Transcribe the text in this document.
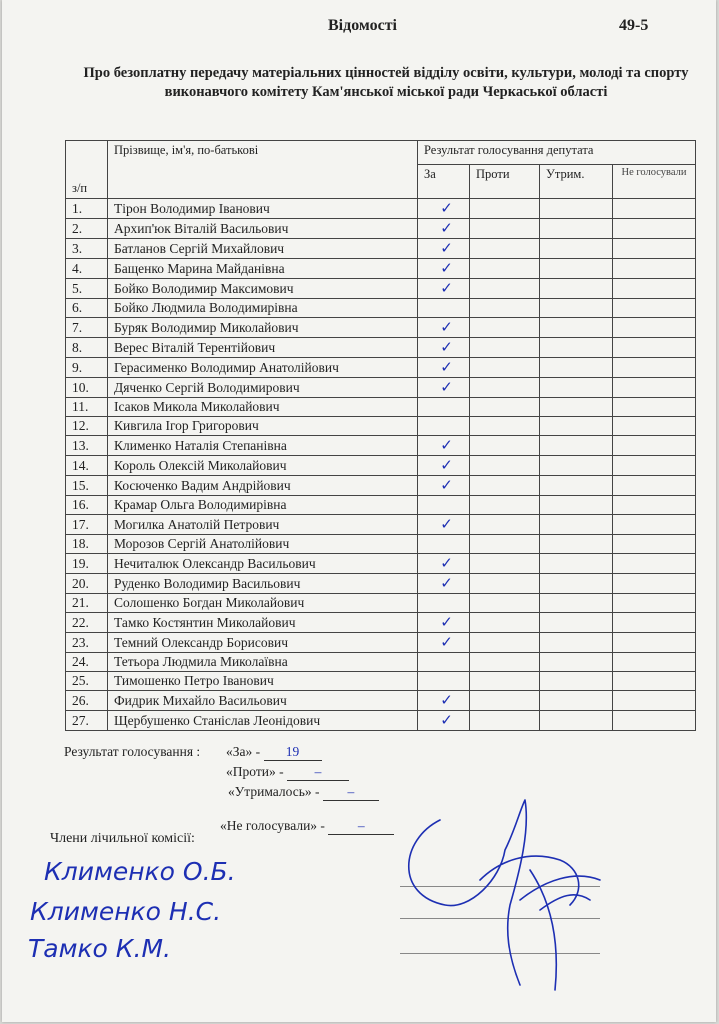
Відомості	49-5
Про безоплатну передачу матеріальних цінностей відділу освіти, культури, молоді та спорту виконавчого комітету Кам'янської міської ради Черкаської області
з/п	Прізвище, ім'я, по-батькові	Результат голосування депутата			
		За	Проти	Утрим.	Не голосували

1.	Тірон Володимир Іванович	✓			
2.	Архип'юк Віталій Васильович	✓			
3.	Батланов Сергій Михайлович	✓			
4.	Бащенко Марина Майданівна	✓			
5.	Бойко Володимир Максимович	✓			
6.	Бойко Людмила Володимирівна				
7.	Буряк Володимир Миколайович	✓			
8.	Верес Віталій Терентійович	✓			
9.	Герасименко Володимир Анатолійович	✓			
10.	Дяченко Сергій Володимирович	✓			
11.	Ісаков Микола Миколайович				
12.	Кивгила Ігор Григорович				
13.	Клименко Наталія Степанівна	✓			
14.	Король Олексій Миколайович	✓			
15.	Косюченко Вадим Андрійович	✓			
16.	Крамар Ольга Володимирівна				
17.	Могилка Анатолій Петрович	✓			
18.	Морозов Сергій Анатолійович				
19.	Нечиталюк Олександр Васильович	✓			
20.	Руденко Володимир Васильович	✓			
21.	Солошенко Богдан Миколайович				
22.	Тамко Костянтин Миколайович	✓			
23.	Темний Олександр Борисович	✓			
24.	Тетьора Людмила Миколаївна				
25.	Тимошенко Петро Іванович				
26.	Фидрик Михайло Васильович	✓			
27.	Щербушенко Станіслав Леонідович	✓			
Результат голосування : «За» - 19
«Проти» - –
«Утрималось» - –
«Не голосували» - –
Члени лічильної комісії:
Клименко О.Б.
Клименко Н.С.
Тамко К.М.
